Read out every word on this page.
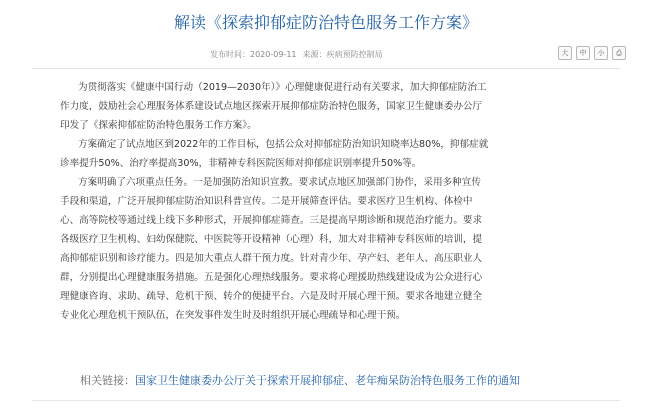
解读《探索抑郁症防治特色服务工作方案》
发布时间：2020-09-11 来源：疾病预防控制局	大	中	小	⎙
为贯彻落实《健康中国行动（2019—2030年）》心理健康促进行动有关要求，加大抑郁症防治工
作力度，鼓励社会心理服务体系建设试点地区探索开展抑郁症防治特色服务，国家卫生健康委办公厅
印发了《探索抑郁症防治特色服务工作方案》。
方案确定了试点地区到2022年的工作目标，包括公众对抑郁症防治知识知晓率达80%，抑郁症就
诊率提升50%、治疗率提高30%，非精神专科医院医师对抑郁症识别率提升50%等。
方案明确了六项重点任务。一是加强防治知识宣教。要求试点地区加强部门协作，采用多种宣传
手段和渠道，广泛开展抑郁症防治知识科普宣传。二是开展筛查评估。要求医疗卫生机构、体检中
心、高等院校等通过线上线下多种形式，开展抑郁症筛查。三是提高早期诊断和规范治疗能力。要求
各级医疗卫生机构、妇幼保健院、中医院等开设精神（心理）科，加大对非精神专科医师的培训，提
高抑郁症识别和诊疗能力。四是加大重点人群干预力度。针对青少年、孕产妇、老年人、高压职业人
群，分别提出心理健康服务措施。五是强化心理热线服务。要求将心理援助热线建设成为公众进行心
理健康咨询、求助、疏导、危机干预、转介的便捷平台。六是及时开展心理干预。要求各地建立健全
专业化心理危机干预队伍，在突发事件发生时及时组织开展心理疏导和心理干预。
相关链接：国家卫生健康委办公厅关于探索开展抑郁症、老年痴呆防治特色服务工作的通知
